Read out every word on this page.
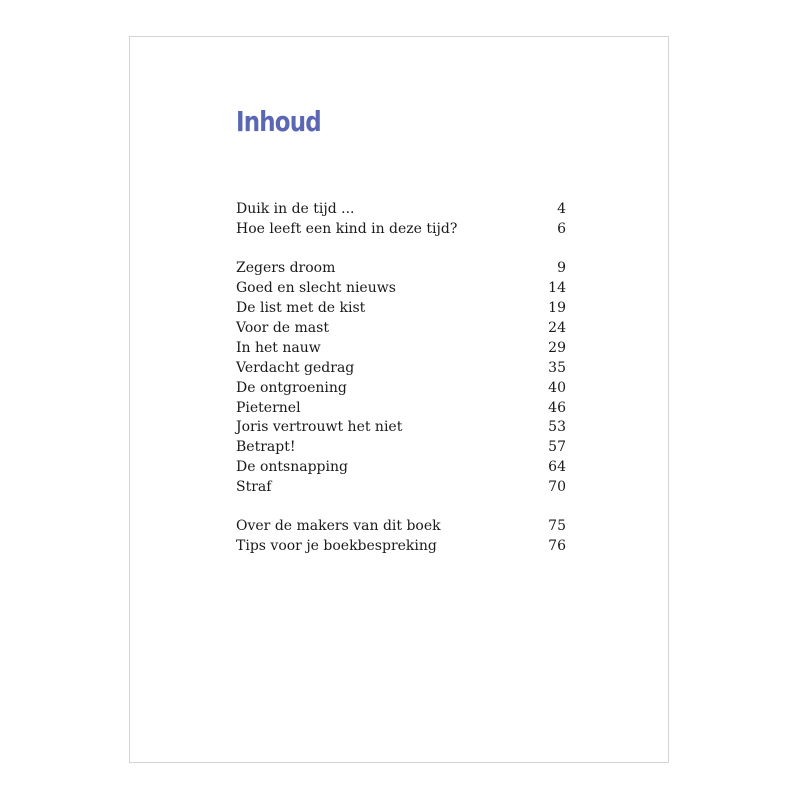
Inhoud
Duik in de tijd ...	4
Hoe leeft een kind in deze tijd?	6
Zegers droom	9
Goed en slecht nieuws	14
De list met de kist	19
Voor de mast	24
In het nauw	29
Verdacht gedrag	35
De ontgroening	40
Pieternel	46
Joris vertrouwt het niet	53
Betrapt!	57
De ontsnapping	64
Straf	70
Over de makers van dit boek	75
Tips voor je boekbespreking	76
